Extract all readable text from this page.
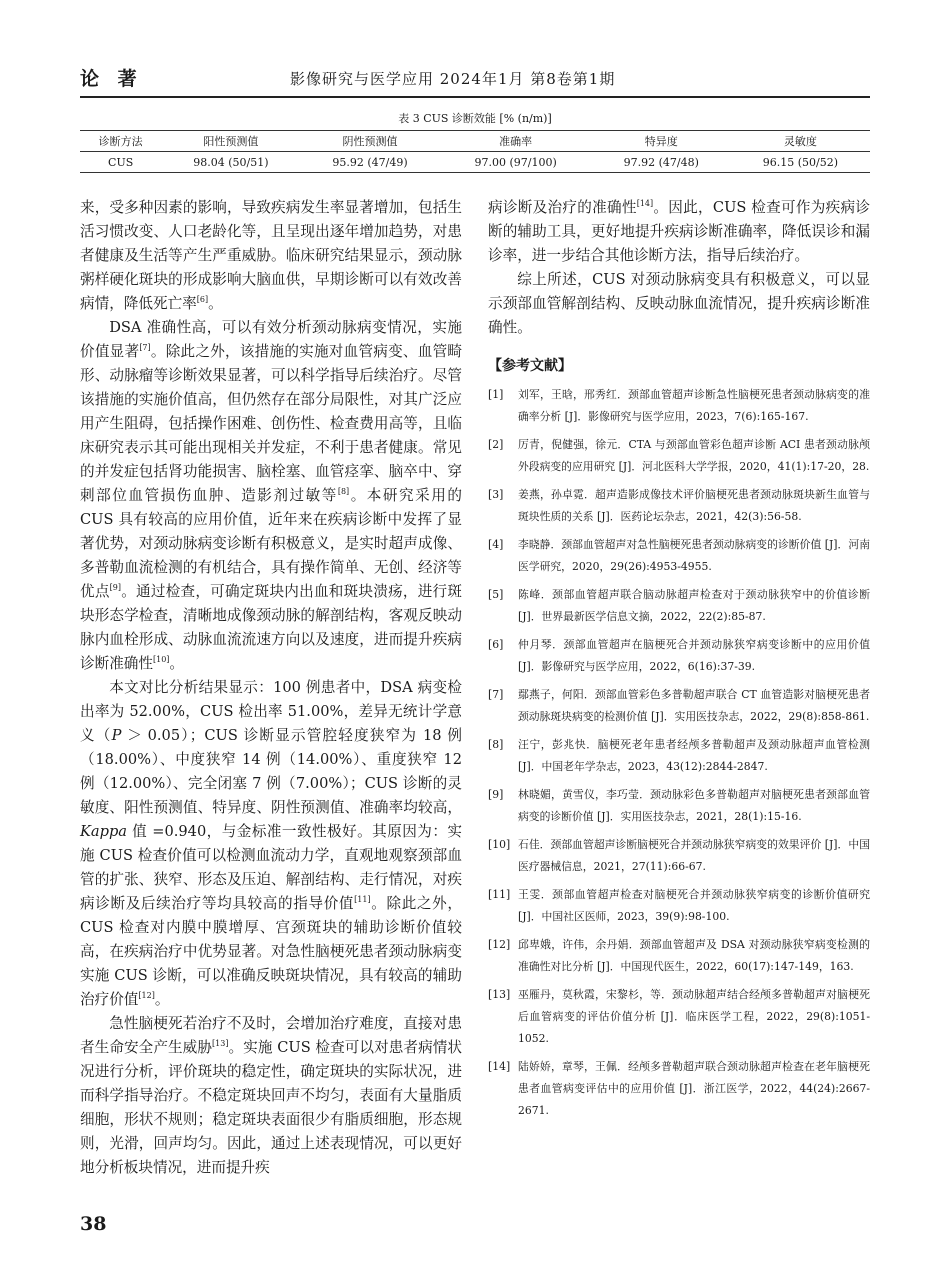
论 著	影像研究与医学应用 2024年1月 第8卷第1期
表 3 CUS 诊断效能 [% (n/m)]
诊断方法	阳性预测值	阴性预测值	准确率	特异度	灵敏度
CUS	98.04 (50/51)	95.92 (47/49)	97.00 (97/100)	97.92 (47/48)	96.15 (50/52)

来，受多种因素的影响，导致疾病发生率显著增加，包括生活习惯改变、人口老龄化等，且呈现出逐年增加趋势，对患者健康及生活等产生严重威胁。临床研究结果显示，颈动脉粥样硬化斑块的形成影响大脑血供，早期诊断可以有效改善病情，降低死亡率[6]。

DSA 准确性高，可以有效分析颈动脉病变情况，实施价值显著[7]。除此之外，该措施的实施对血管病变、血管畸形、动脉瘤等诊断效果显著，可以科学指导后续治疗。尽管该措施的实施价值高，但仍然存在部分局限性，对其广泛应用产生阻碍，包括操作困难、创伤性、检查费用高等，且临床研究表示其可能出现相关并发症，不利于患者健康。常见的并发症包括肾功能损害、脑栓塞、血管痉挛、脑卒中、穿刺部位血管损伤血肿、造影剂过敏等[8]。本研究采用的 CUS 具有较高的应用价值，近年来在疾病诊断中发挥了显著优势，对颈动脉病变诊断有积极意义，是实时超声成像、多普勒血流检测的有机结合，具有操作简单、无创、经济等优点[9]。通过检查，可确定斑块内出血和斑块溃疡，进行斑块形态学检查，清晰地成像颈动脉的解剖结构，客观反映动脉内血栓形成、动脉血流流速方向以及速度，进而提升疾病诊断准确性[10]。

本文对比分析结果显示：100 例患者中，DSA 病变检出率为 52.00%，CUS 检出率 51.00%，差异无统计学意义（P ＞ 0.05）；CUS 诊断显示管腔轻度狭窄为 18 例（18.00%）、中度狭窄 14 例（14.00%）、重度狭窄 12 例（12.00%）、完全闭塞 7 例（7.00%）；CUS 诊断的灵敏度、阳性预测值、特异度、阴性预测值、准确率均较高，Kappa 值 =0.940，与金标准一致性极好。其原因为：实施 CUS 检查价值可以检测血流动力学，直观地观察颈部血管的扩张、狭窄、形态及压迫、解剖结构、走行情况，对疾病诊断及后续治疗等均具较高的指导价值[11]。除此之外，CUS 检查对内膜中膜增厚、宫颈斑块的辅助诊断价值较高，在疾病治疗中优势显著。对急性脑梗死患者颈动脉病变实施 CUS 诊断，可以准确反映斑块情况，具有较高的辅助治疗价值[12]。

急性脑梗死若治疗不及时，会增加治疗难度，直接对患者生命安全产生威胁[13]。实施 CUS 检查可以对患者病情状况进行分析，评价斑块的稳定性，确定斑块的实际状况，进而科学指导治疗。不稳定斑块回声不均匀，表面有大量脂质细胞，形状不规则；稳定斑块表面很少有脂质细胞，形态规则，光滑，回声均匀。因此，通过上述表现情况，可以更好地分析板块情况，进而提升疾

病诊断及治疗的准确性[14]。因此，CUS 检查可作为疾病诊断的辅助工具，更好地提升疾病诊断准确率，降低误诊和漏诊率，进一步结合其他诊断方法，指导后续治疗。

综上所述，CUS 对颈动脉病变具有积极意义，可以显示颈部血管解剖结构、反映动脉血流情况，提升疾病诊断准确性。

【参考文献】
[1]	刘军，王晗，邢秀红．颈部血管超声诊断急性脑梗死患者颈动脉病变的准确率分析 [J]．影像研究与医学应用，2023，7(6):165-167.
[2]	厉青，倪健强，徐元．CTA 与颈部血管彩色超声诊断 ACI 患者颈动脉颅外段病变的应用研究 [J]．河北医科大学学报，2020，41(1):17-20，28.
[3]	姜燕，孙卓霓．超声造影成像技术评价脑梗死患者颈动脉斑块新生血管与斑块性质的关系 [J]．医药论坛杂志，2021，42(3):56-58.
[4]	李晓静．颈部血管超声对急性脑梗死患者颈动脉病变的诊断价值 [J]．河南医学研究，2020，29(26):4953-4955.
[5]	陈峰．颈部血管超声联合脑动脉超声检查对于颈动脉狭窄中的价值诊断 [J]．世界最新医学信息文摘，2022，22(2):85-87.
[6]	仲月琴．颈部血管超声在脑梗死合并颈动脉狭窄病变诊断中的应用价值 [J]．影像研究与医学应用，2022，6(16):37-39.
[7]	鄢燕子，何阳．颈部血管彩色多普勒超声联合 CT 血管造影对脑梗死患者颈动脉斑块病变的检测价值 [J]．实用医技杂志，2022，29(8):858-861.
[8]	汪宁，彭兆快．脑梗死老年患者经颅多普勒超声及颈动脉超声血管检测 [J]．中国老年学杂志，2023，43(12):2844-2847.
[9]	林晓媚，黄雪仪，李巧莹．颈动脉彩色多普勒超声对脑梗死患者颈部血管病变的诊断价值 [J]．实用医技杂志，2021，28(1):15-16.
[10] 石佳．颈部血管超声诊断脑梗死合并颈动脉狭窄病变的效果评价 [J]．中国医疗器械信息，2021，27(11):66-67.
[11] 王雯．颈部血管超声检查对脑梗死合并颈动脉狭窄病变的诊断价值研究 [J]．中国社区医师，2023，39(9):98-100.
[12] 邱卑娥，许伟，余丹娟．颈部血管超声及 DSA 对颈动脉狭窄病变检测的准确性对比分析 [J]．中国现代医生，2022，60(17):147-149，163.
[13] 巫雁丹，莫秋霞，宋黎杉，等．颈动脉超声结合经颅多普勒超声对脑梗死后血管病变的评估价值分析 [J]．临床医学工程，2022，29(8):1051-1052.
[14] 陆娇娇，章琴，王佩．经颅多普勒超声联合颈动脉超声检查在老年脑梗死患者血管病变评估中的应用价值 [J]．浙江医学，2022，44(24):2667-2671.
38
